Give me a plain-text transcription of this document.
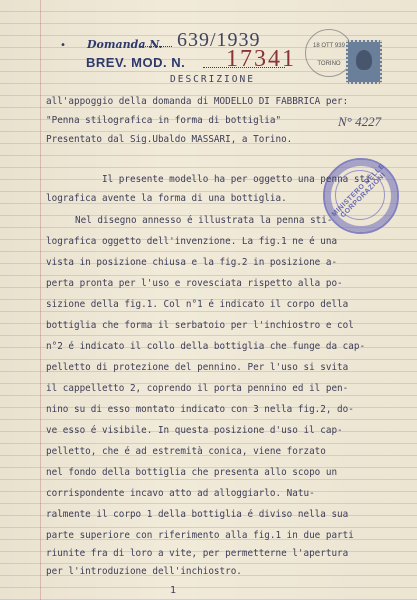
• Domanda N. 639/1939
BREV. MOD. N. 17341
DESCRIZIONE
18 OTT 939
TORINO
all'appoggio della domanda di MODELLO DI FABBRICA per:
"Penna stilografica in forma di bottiglia"
Presentato dal Sig.Ubaldo MASSARI, a Torino.
N° 4227
MINISTERO DELLE CORPORAZIONI
Il presente modello ha per oggetto una penna sti-
lografica avente la forma di una bottiglia.
Nel disegno annesso é illustrata la penna sti-
lografica oggetto dell'invenzione. La fig.1 ne é una
vista in posizione chiusa e la fig.2 in posizione a-
perta pronta per l'uso e rovesciata rispetto alla po-
sizione della fig.1. Col n°1 é indicato il corpo della
bottiglia che forma il serbatoio per l'inchiostro e col
n°2 é indicato il collo della bottiglia che funge da cap-
pelletto di protezione del pennino. Per l'uso si svita
il cappelletto 2, coprendo il porta pennino ed il pen-
nino su di esso montato indicato con 3 nella fig.2, do-
ve esso é visibile. In questa posizione d'uso il cap-
pelletto, che é ad estremità conica, viene forzato
nel fondo della bottiglia che presenta allo scopo un
corrispondente incavo atto ad alloggiarlo. Natu-
ralmente il corpo 1 della bottiglia é diviso nella sua
parte superiore con riferimento alla fig.1 in due parti
riunite fra di loro a vite, per permetterne l'apertura
per l'introduzione dell'inchiostro.
1
